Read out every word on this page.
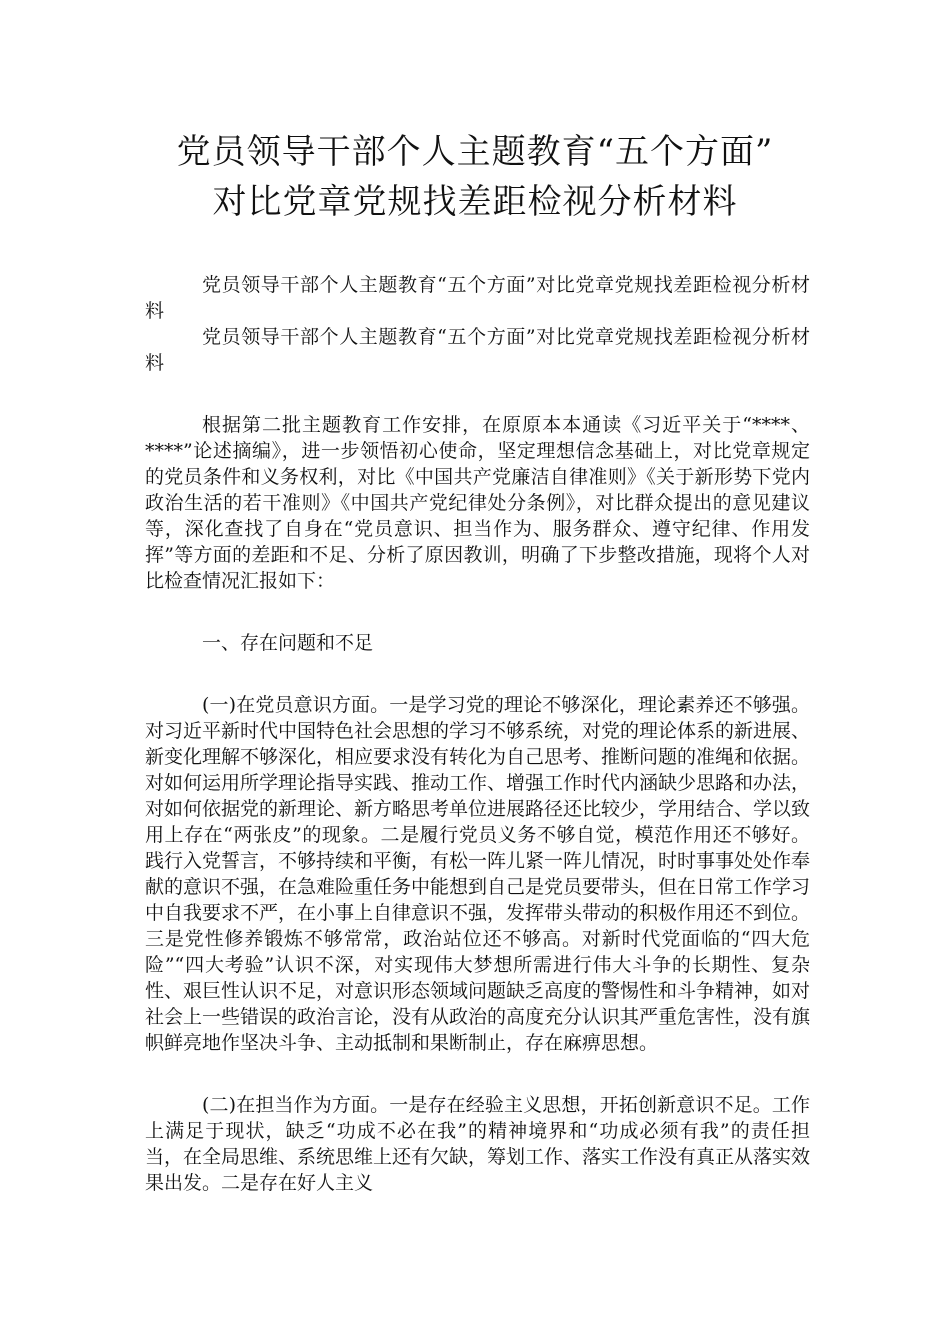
党员领导干部个人主题教育“五个方面”
对比党章党规找差距检视分析材料

党员领导干部个人主题教育“五个方面”对比党章党规找差距检视分析材料

党员领导干部个人主题教育“五个方面”对比党章党规找差距检视分析材料

根据第二批主题教育工作安排，在原原本本通读《习近平关于“****、****”论述摘编》，进一步领悟初心使命，坚定理想信念基础上，对比党章规定的党员条件和义务权利，对比《中国共产党廉洁自律准则》《关于新形势下党内政治生活的若干准则》《中国共产党纪律处分条例》，对比群众提出的意见建议等，深化查找了自身在“党员意识、担当作为、服务群众、遵守纪律、作用发挥”等方面的差距和不足、分析了原因教训，明确了下步整改措施，现将个人对比检查情况汇报如下：

一、存在问题和不足

(一)在党员意识方面。一是学习党的理论不够深化，理论素养还不够强。对习近平新时代中国特色社会思想的学习不够系统，对党的理论体系的新进展、新变化理解不够深化，相应要求没有转化为自己思考、推断问题的准绳和依据。对如何运用所学理论指导实践、推动工作、增强工作时代内涵缺少思路和办法，对如何依据党的新理论、新方略思考单位进展路径还比较少，学用结合、学以致用上存在“两张皮”的现象。二是履行党员义务不够自觉，模范作用还不够好。践行入党誓言，不够持续和平衡，有松一阵儿紧一阵儿情况，时时事事处处作奉献的意识不强，在急难险重任务中能想到自己是党员要带头，但在日常工作学习中自我要求不严，在小事上自律意识不强，发挥带头带动的积极作用还不到位。三是党性修养锻炼不够常常，政治站位还不够高。对新时代党面临的“四大危险”“四大考验”认识不深，对实现伟大梦想所需进行伟大斗争的长期性、复杂性、艰巨性认识不足，对意识形态领域问题缺乏高度的警惕性和斗争精神，如对社会上一些错误的政治言论，没有从政治的高度充分认识其严重危害性，没有旗帜鲜亮地作坚决斗争、主动抵制和果断制止，存在麻痹思想。

(二)在担当作为方面。一是存在经验主义思想，开拓创新意识不足。工作上满足于现状，缺乏“功成不必在我”的精神境界和“功成必须有我”的责任担当，在全局思维、系统思维上还有欠缺，筹划工作、落实工作没有真正从落实效果出发。二是存在好人主义
